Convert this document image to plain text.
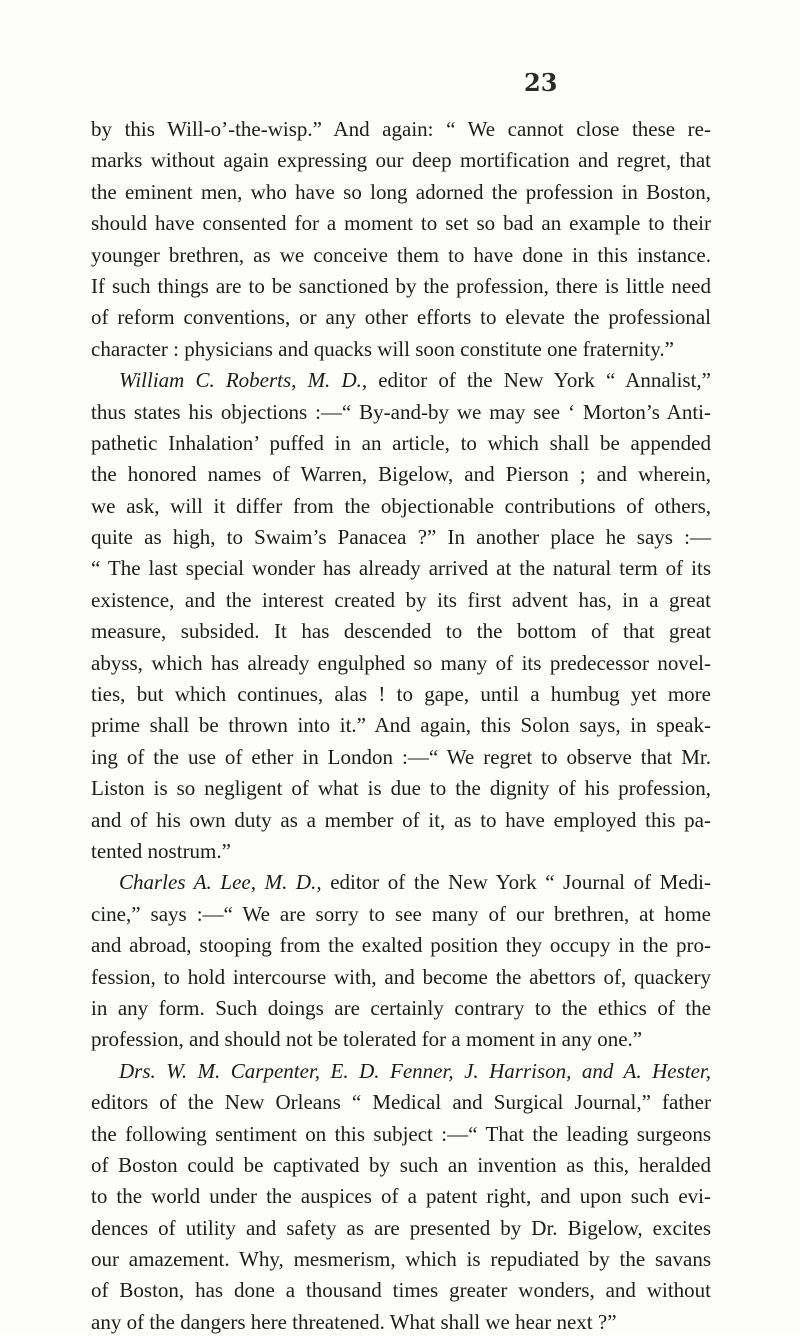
23
by this Will-o’-the-wisp.” And again: “ We cannot close these re-
marks without again expressing our deep mortification and regret, that
the eminent men, who have so long adorned the profession in Boston,
should have consented for a moment to set so bad an example to their
younger brethren, as we conceive them to have done in this instance.
If such things are to be sanctioned by the profession, there is little need
of reform conventions, or any other efforts to elevate the professional
character : physicians and quacks will soon constitute one fraternity.”
William C. Roberts, M. D., editor of the New York “ Annalist,”
thus states his objections :—“ By-and-by we may see ‘ Morton’s Anti-
pathetic Inhalation’ puffed in an article, to which shall be appended
the honored names of Warren, Bigelow, and Pierson ; and wherein,
we ask, will it differ from the objectionable contributions of others,
quite as high, to Swaim’s Panacea ?” In another place he says :—
“ The last special wonder has already arrived at the natural term of its
existence, and the interest created by its first advent has, in a great
measure, subsided. It has descended to the bottom of that great
abyss, which has already engulphed so many of its predecessor novel-
ties, but which continues, alas ! to gape, until a humbug yet more
prime shall be thrown into it.” And again, this Solon says, in speak-
ing of the use of ether in London :—“ We regret to observe that Mr.
Liston is so negligent of what is due to the dignity of his profession,
and of his own duty as a member of it, as to have employed this pa-
tented nostrum.”
Charles A. Lee, M. D., editor of the New York “ Journal of Medi-
cine,” says :—“ We are sorry to see many of our brethren, at home
and abroad, stooping from the exalted position they occupy in the pro-
fession, to hold intercourse with, and become the abettors of, quackery
in any form. Such doings are certainly contrary to the ethics of the
profession, and should not be tolerated for a moment in any one.”
Drs. W. M. Carpenter, E. D. Fenner, J. Harrison, and A. Hester,
editors of the New Orleans “ Medical and Surgical Journal,” father
the following sentiment on this subject :—“ That the leading surgeons
of Boston could be captivated by such an invention as this, heralded
to the world under the auspices of a patent right, and upon such evi-
dences of utility and safety as are presented by Dr. Bigelow, excites
our amazement. Why, mesmerism, which is repudiated by the savans
of Boston, has done a thousand times greater wonders, and without
any of the dangers here threatened. What shall we hear next ?”
